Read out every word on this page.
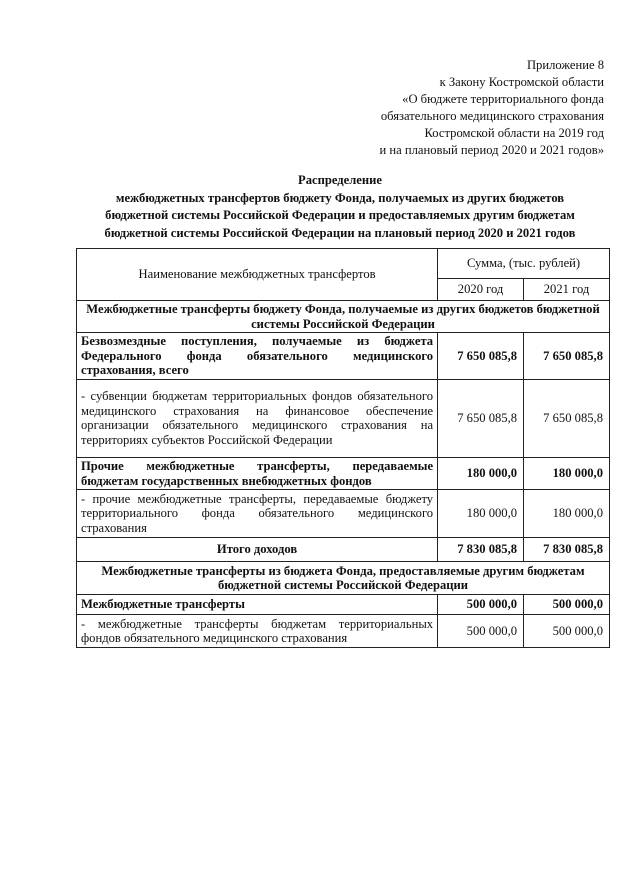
Приложение 8
к Закону Костромской области
«О бюджете территориального фонда
обязательного медицинского страхования
Костромской области на 2019 год
и на плановый период 2020 и 2021 годов»
Распределение
межбюджетных трансфертов бюджету Фонда, получаемых из других бюджетов
бюджетной системы Российской Федерации и предоставляемых другим бюджетам
бюджетной системы Российской Федерации на плановый период 2020 и 2021 годов
Наименование межбюджетных трансфертов	Сумма, (тыс. рублей)	
	2020 год	2021 год
Межбюджетные трансферты бюджету Фонда, получаемые из других бюджетов бюджетной системы Российской Федерации		
Безвозмездные поступления, получаемые из бюджета Федерального фонда обязательного медицинского страхования, всего	7 650 085,8	7 650 085,8
- субвенции бюджетам территориальных фондов обязательного медицинского страхования на финансовое обеспечение организации обязательного медицинского страхования на территориях субъектов Российской Федерации	7 650 085,8	7 650 085,8
Прочие межбюджетные трансферты, передаваемые бюджетам государственных внебюджетных фондов	180 000,0	180 000,0
- прочие межбюджетные трансферты, передаваемые бюджету территориального фонда обязательного медицинского страхования	180 000,0	180 000,0
Итого доходов	7 830 085,8	7 830 085,8
Межбюджетные трансферты из бюджета Фонда, предоставляемые другим бюджетам бюджетной системы Российской Федерации		
Межбюджетные трансферты	500 000,0	500 000,0
- межбюджетные трансферты бюджетам территориальных фондов обязательного медицинского страхования	500 000,0	500 000,0
